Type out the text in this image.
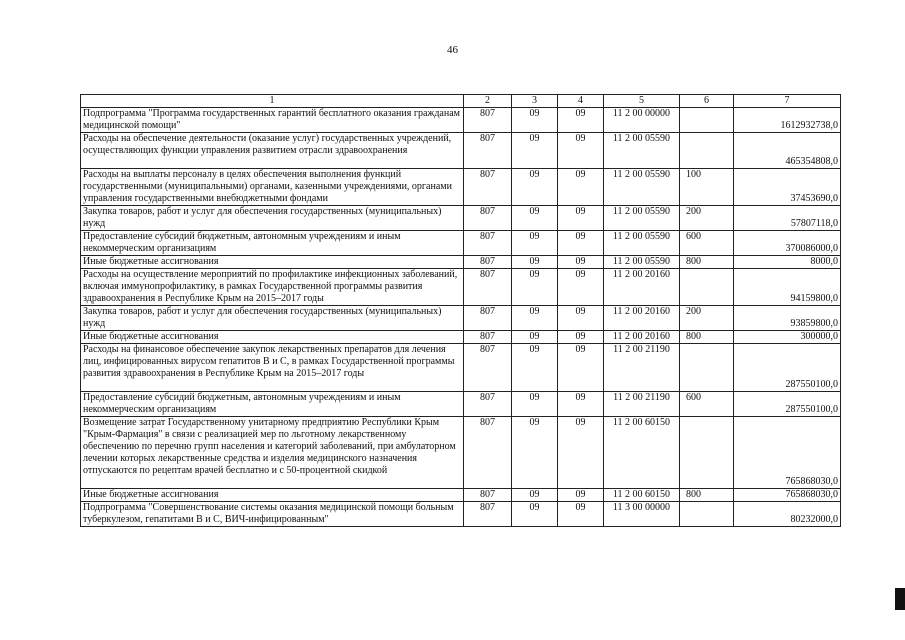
46
1	2	3	4	5	6	7
Подпрограмма "Программа государственных гарантий бесплатного оказания гражданам медицинской помощи"	807	09	09	11 2 00 00000		1612932738,0
Расходы на обеспечение деятельности (оказание услуг) государственных учреждений, осуществляющих функции управления развитием отрасли здравоохранения	807	09	09	11 2 00 05590		465354808,0
Расходы на выплаты персоналу в целях обеспечения выполнения функций государственными (муниципальными) органами, казенными учреждениями, органами управления государственными внебюджетными фондами	807	09	09	11 2 00 05590	100	37453690,0
Закупка товаров, работ и услуг для обеспечения государственных (муниципальных) нужд	807	09	09	11 2 00 05590	200	57807118,0
Предоставление субсидий бюджетным, автономным учреждениям и иным некоммерческим организациям	807	09	09	11 2 00 05590	600	370086000,0
Иные бюджетные ассигнования	807	09	09	11 2 00 05590	800	8000,0
Расходы на осуществление мероприятий по профилактике инфекционных заболеваний, включая иммунопрофилактику, в рамках Государственной программы развития здравоохранения в Республике Крым на 2015–2017 годы	807	09	09	11 2 00 20160		94159800,0
Закупка товаров, работ и услуг для обеспечения государственных (муниципальных) нужд	807	09	09	11 2 00 20160	200	93859800,0
Иные бюджетные ассигнования	807	09	09	11 2 00 20160	800	300000,0
Расходы на финансовое обеспечение закупок лекарственных препаратов для лечения лиц, инфицированных вирусом гепатитов В и С, в рамках Государственной программы развития здравоохранения в Республике Крым на 2015–2017 годы	807	09	09	11 2 00 21190		287550100,0
Предоставление субсидий бюджетным, автономным учреждениям и иным некоммерческим организациям	807	09	09	11 2 00 21190	600	287550100,0
Возмещение затрат Государственному унитарному предприятию Республики Крым "Крым-Фармация" в связи с реализацией мер по льготному лекарственному обеспечению по перечню групп населения и категорий заболеваний, при амбулаторном лечении которых лекарственные средства и изделия медицинского назначения отпускаются по рецептам врачей бесплатно и с 50-процентной скидкой	807	09	09	11 2 00 60150		765868030,0
Иные бюджетные ассигнования	807	09	09	11 2 00 60150	800	765868030,0
Подпрограмма "Совершенствование системы оказания медицинской помощи больным туберкулезом, гепатитами В и С, ВИЧ-инфицированным"	807	09	09	11 3 00 00000		80232000,0
